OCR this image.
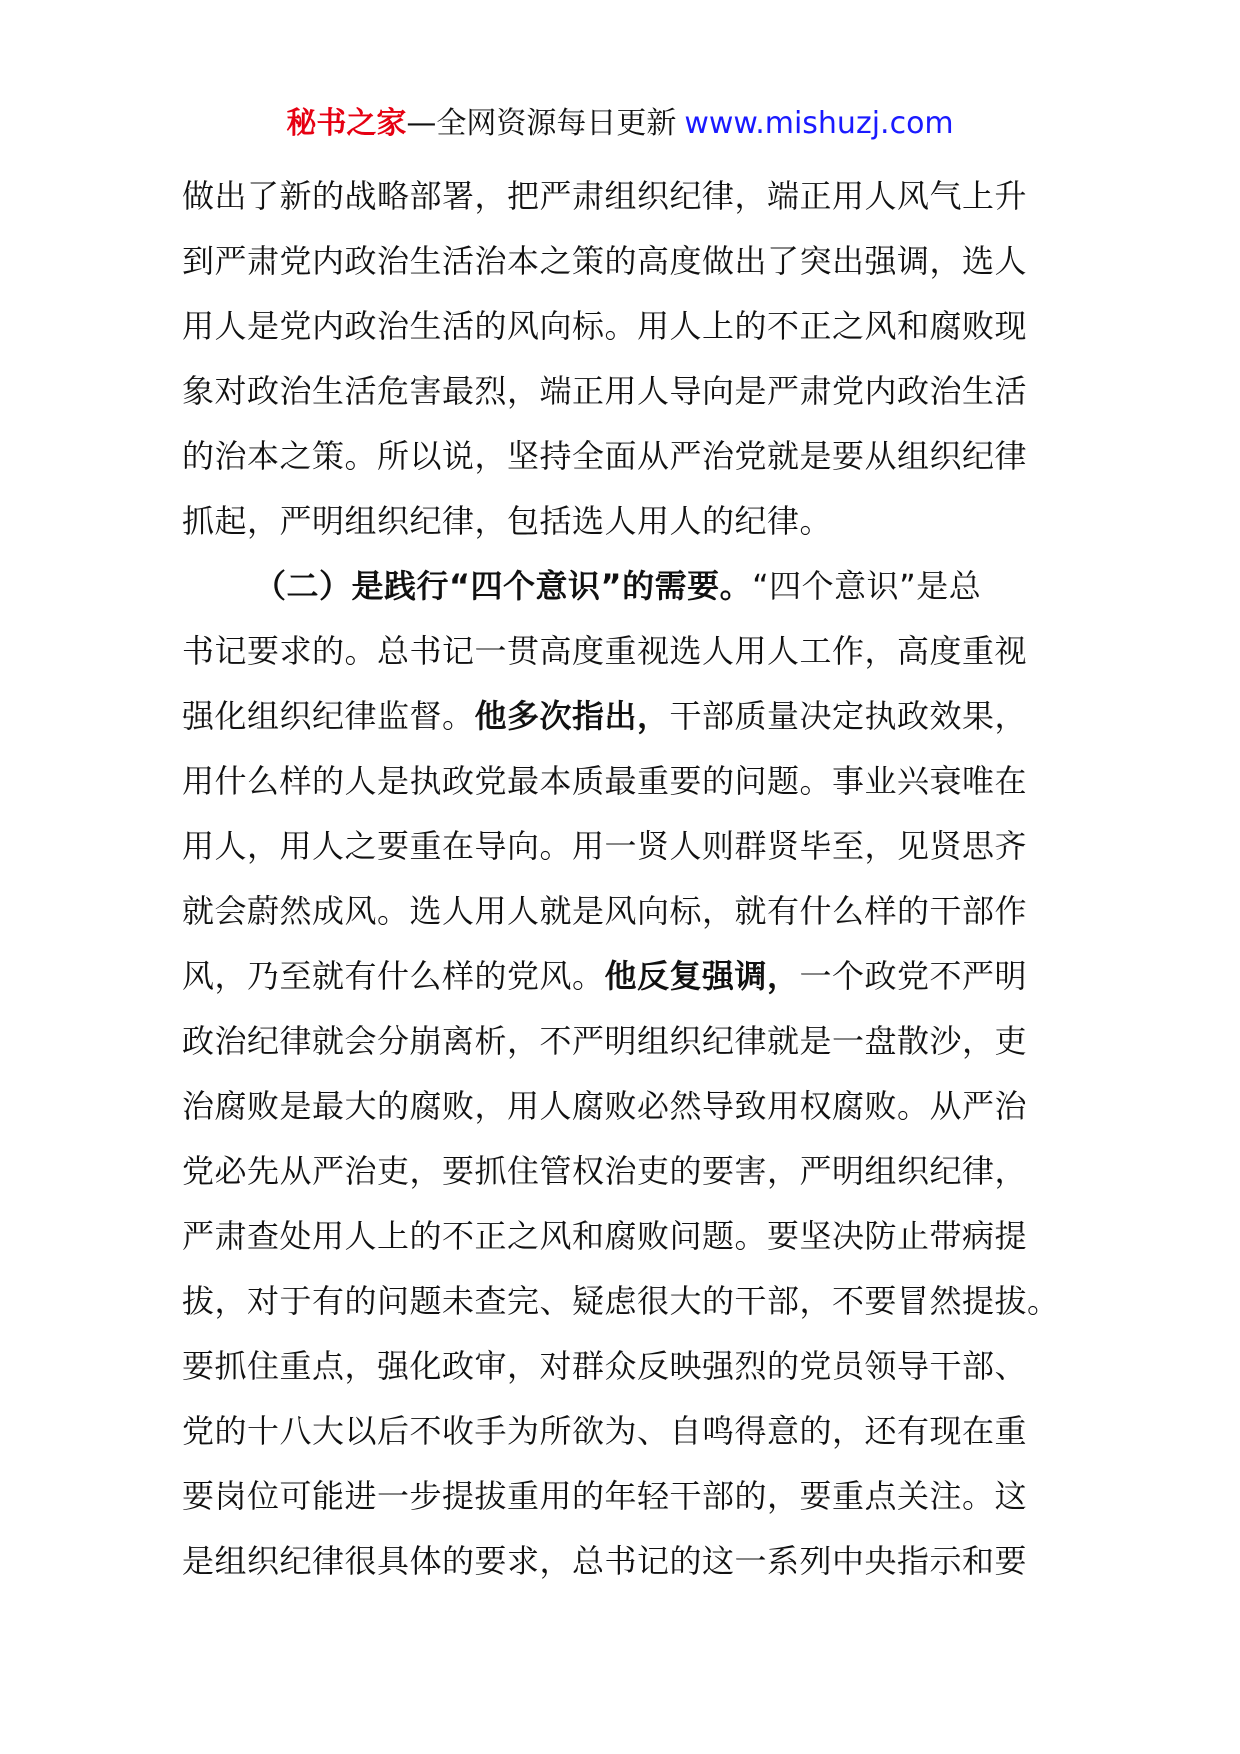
秘书之家—全网资源每日更新 www.mishuzj.com
做出了新的战略部署，把严肃组织纪律，端正用人风气上升
到严肃党内政治生活治本之策的高度做出了突出强调，选人
用人是党内政治生活的风向标。用人上的不正之风和腐败现
象对政治生活危害最烈，端正用人导向是严肃党内政治生活
的治本之策。所以说，坚持全面从严治党就是要从组织纪律
抓起，严明组织纪律，包括选人用人的纪律。
（二）是践行“四个意识”的需要。“四个意识”是总
书记要求的。总书记一贯高度重视选人用人工作，高度重视
强化组织纪律监督。他多次指出，干部质量决定执政效果，
用什么样的人是执政党最本质最重要的问题。事业兴衰唯在
用人，用人之要重在导向。用一贤人则群贤毕至，见贤思齐
就会蔚然成风。选人用人就是风向标，就有什么样的干部作
风，乃至就有什么样的党风。他反复强调，一个政党不严明
政治纪律就会分崩离析，不严明组织纪律就是一盘散沙，吏
治腐败是最大的腐败，用人腐败必然导致用权腐败。从严治
党必先从严治吏，要抓住管权治吏的要害，严明组织纪律，
严肃查处用人上的不正之风和腐败问题。要坚决防止带病提
拔，对于有的问题未查完、疑虑很大的干部，不要冒然提拔。
要抓住重点，强化政审，对群众反映强烈的党员领导干部、
党的十八大以后不收手为所欲为、自鸣得意的，还有现在重
要岗位可能进一步提拔重用的年轻干部的，要重点关注。这
是组织纪律很具体的要求，总书记的这一系列中央指示和要
